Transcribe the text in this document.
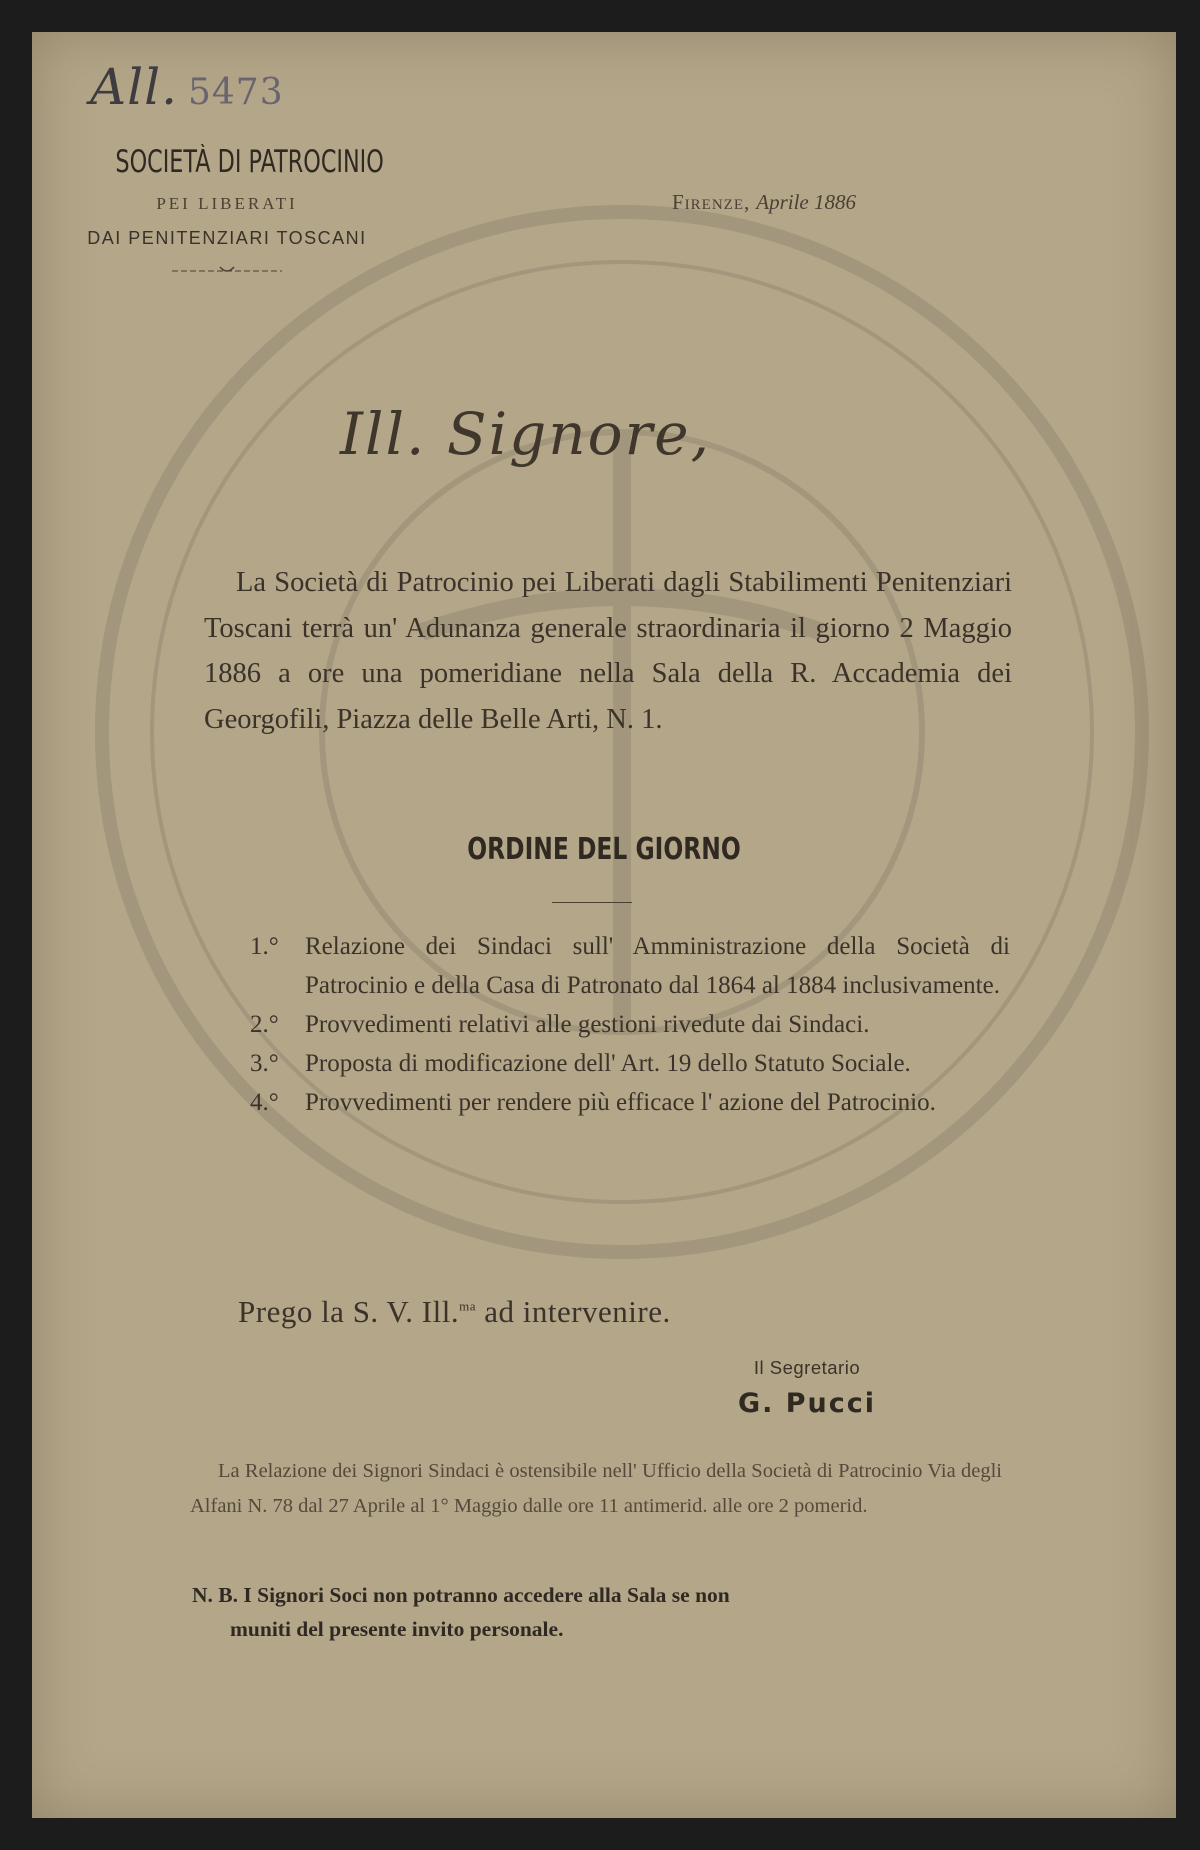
All. 5473
SOCIETÀ DI PATROCINIO
PEI LIBERATI
DAI PENITENZIARI TOSCANI
Firenze, Aprile 1886
Ill. Signore,

La Società di Patrocinio pei Liberati dagli Stabilimenti Penitenziari Toscani terrà un' Adunanza generale straordinaria il giorno 2 Maggio 1886 a ore una pomeridiane nella Sala della R. Accademia dei Georgofili, Piazza delle Belle Arti, N. 1.

ORDINE DEL GIORNO
1.°	Relazione dei Sindaci sull' Amministrazione della Società di Patrocinio e della Casa di Patronato dal 1864 al 1884 inclusivamente.
2.°	Provvedimenti relativi alle gestioni rivedute dai Sindaci.
3.°	Proposta di modificazione dell' Art. 19 dello Statuto Sociale.
4.°	Provvedimenti per rendere più efficace l' azione del Patrocinio.
Prego la S. V. Ill.$^{ma}$ ad intervenire.
Il Segretario
G. Pucci

La Relazione dei Signori Sindaci è ostensibile nell' Ufficio della Società di Patrocinio Via degli Alfani N. 78 dal 27 Aprile al 1° Maggio dalle ore 11 antimerid. alle ore 2 pomerid.

N. B. I Signori Soci non potranno accedere alla Sala se non
muniti del presente invito personale.
